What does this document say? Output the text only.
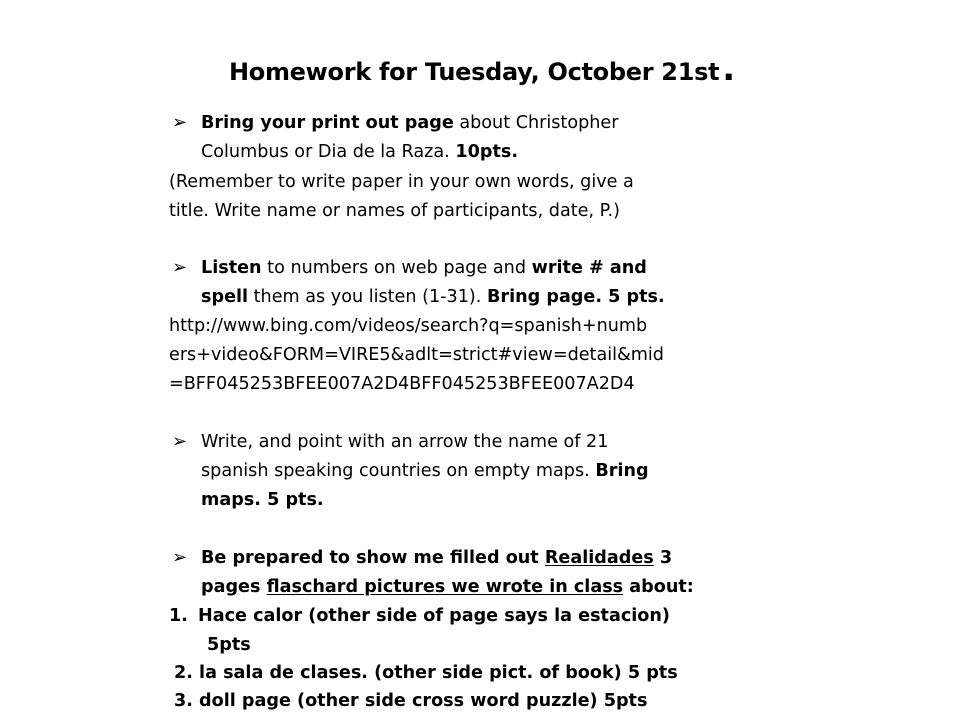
Homework for Tuesday, October 21st.
➢ Bring your print out page about Christopher
Columbus or Dia de la Raza. 10pts.
(Remember to write paper in your own words, give a
title. Write name or names of participants, date, P.)
➢ Listen to numbers on web page and write # and
spell them as you listen (1-31). Bring page. 5 pts.
http://www.bing.com/videos/search?q=spanish+numb
ers+video&FORM=VIRE5&adlt=strict#view=detail&mid
=BFF045253BFEE007A2D4BFF045253BFEE007A2D4
➢ Write, and point with an arrow the name of 21
spanish speaking countries on empty maps. Bring
maps. 5 pts.
➢ Be prepared to show me filled out Realidades 3
pages flaschard pictures we wrote in class about:
1. Hace calor (other side of page says la estacion)
5pts
2. la sala de clases. (other side pict. of book) 5 pts
3. doll page (other side cross word puzzle) 5pts
